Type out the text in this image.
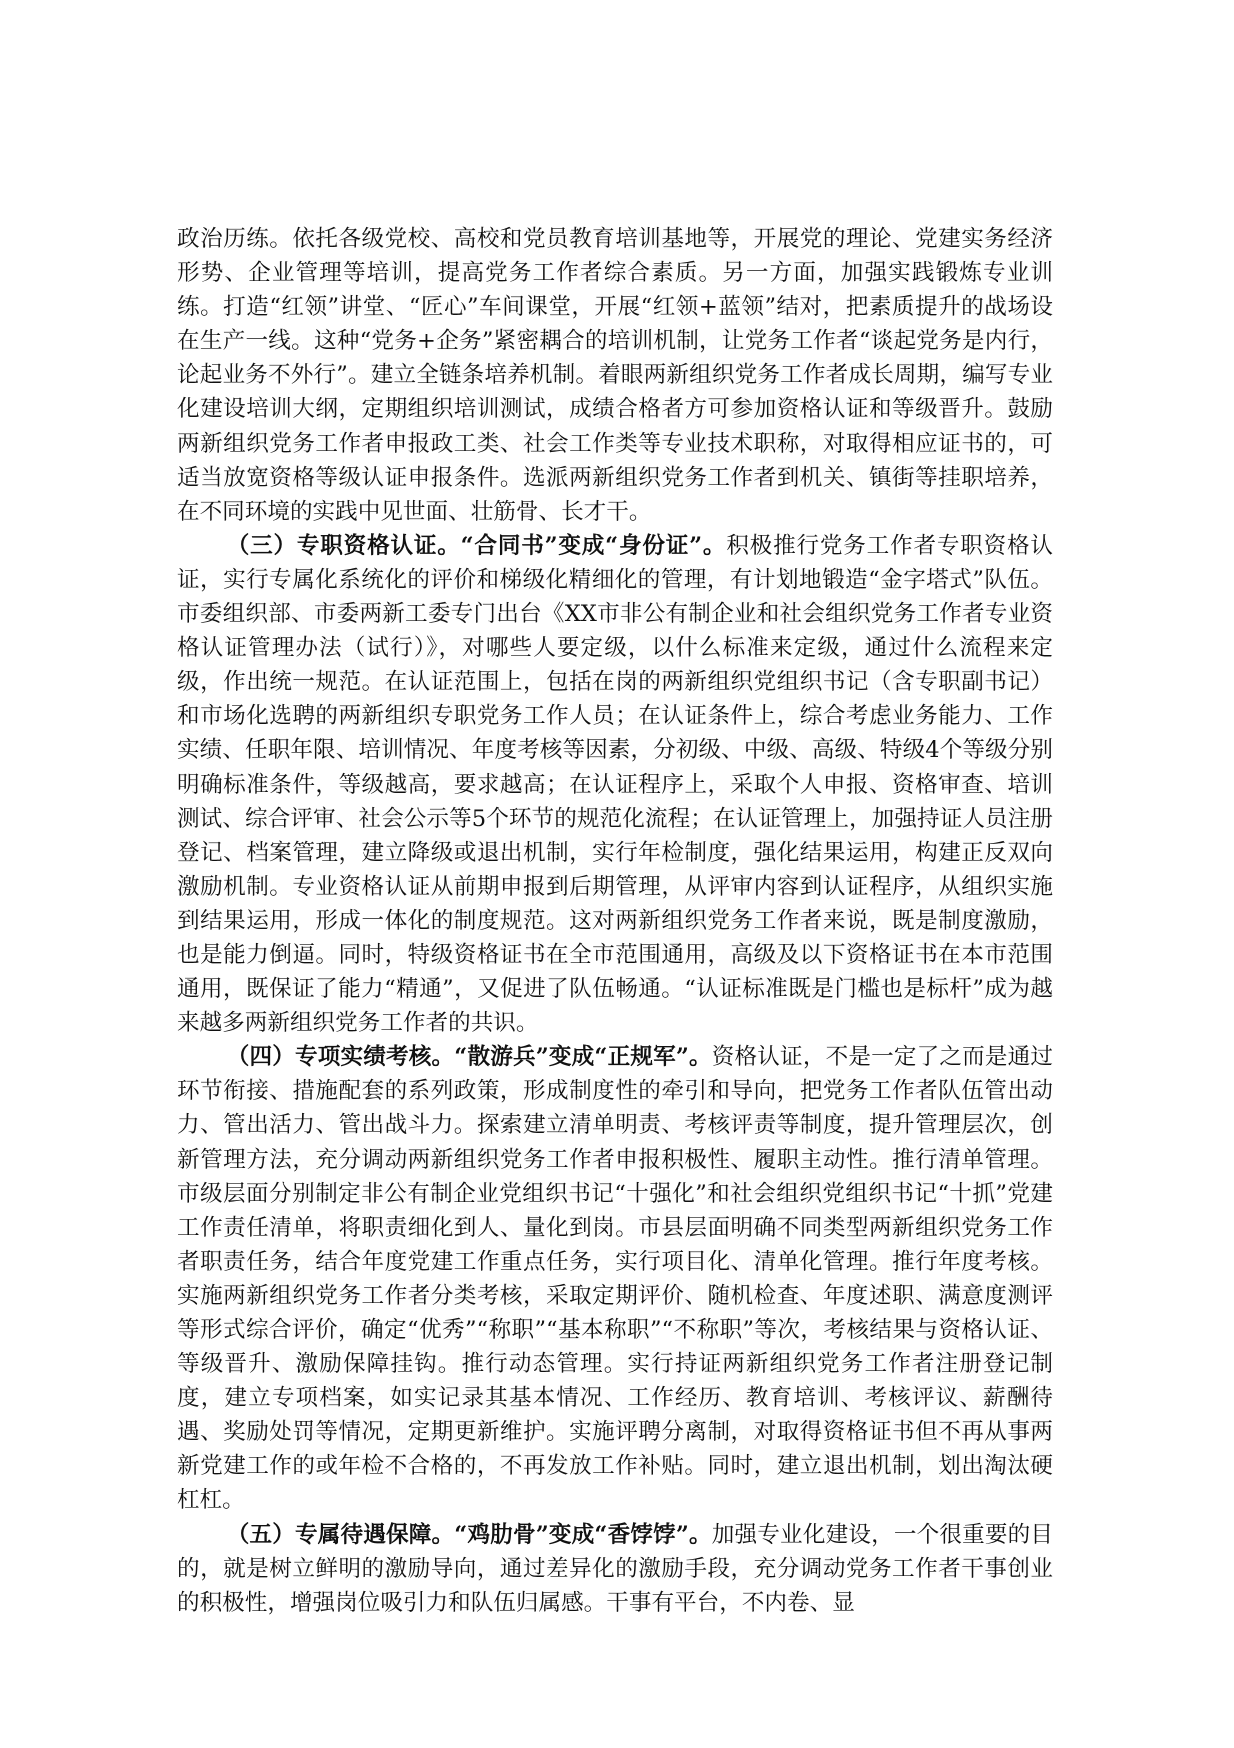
政治历练。依托各级党校、高校和党员教育培训基地等，开展党的理论、党建实务经济形势、企业管理等培训，提高党务工作者综合素质。另一方面，加强实践锻炼专业训练。打造“红领”讲堂、“匠心”车间课堂，开展“红领+蓝领”结对，把素质提升的战场设在生产一线。这种“党务+企务”紧密耦合的培训机制，让党务工作者“谈起党务是内行，论起业务不外行”。建立全链条培养机制。着眼两新组织党务工作者成长周期，编写专业化建设培训大纲，定期组织培训测试，成绩合格者方可参加资格认证和等级晋升。鼓励两新组织党务工作者申报政工类、社会工作类等专业技术职称，对取得相应证书的，可适当放宽资格等级认证申报条件。选派两新组织党务工作者到机关、镇街等挂职培养，在不同环境的实践中见世面、壮筋骨、长才干。

（三）专职资格认证。“合同书”变成“身份证”。积极推行党务工作者专职资格认证，实行专属化系统化的评价和梯级化精细化的管理，有计划地锻造“金字塔式”队伍。市委组织部、市委两新工委专门出台《XX市非公有制企业和社会组织党务工作者专业资格认证管理办法（试行）》，对哪些人要定级，以什么标准来定级，通过什么流程来定级，作出统一规范。在认证范围上，包括在岗的两新组织党组织书记（含专职副书记）和市场化选聘的两新组织专职党务工作人员；在认证条件上，综合考虑业务能力、工作实绩、任职年限、培训情况、年度考核等因素，分初级、中级、高级、特级4个等级分别明确标准条件，等级越高，要求越高；在认证程序上，采取个人申报、资格审查、培训测试、综合评审、社会公示等5个环节的规范化流程；在认证管理上，加强持证人员注册登记、档案管理，建立降级或退出机制，实行年检制度，强化结果运用，构建正反双向激励机制。专业资格认证从前期申报到后期管理，从评审内容到认证程序，从组织实施到结果运用，形成一体化的制度规范。这对两新组织党务工作者来说，既是制度激励，也是能力倒逼。同时，特级资格证书在全市范围通用，高级及以下资格证书在本市范围通用，既保证了能力“精通”，又促进了队伍畅通。“认证标准既是门槛也是标杆”成为越来越多两新组织党务工作者的共识。

（四）专项实绩考核。“散游兵”变成“正规军”。资格认证，不是一定了之而是通过环节衔接、措施配套的系列政策，形成制度性的牵引和导向，把党务工作者队伍管出动力、管出活力、管出战斗力。探索建立清单明责、考核评责等制度，提升管理层次，创新管理方法，充分调动两新组织党务工作者申报积极性、履职主动性。推行清单管理。市级层面分别制定非公有制企业党组织书记“十强化”和社会组织党组织书记“十抓”党建工作责任清单，将职责细化到人、量化到岗。市县层面明确不同类型两新组织党务工作者职责任务，结合年度党建工作重点任务，实行项目化、清单化管理。推行年度考核。实施两新组织党务工作者分类考核，采取定期评价、随机检查、年度述职、满意度测评等形式综合评价，确定“优秀”“称职”“基本称职”“不称职”等次，考核结果与资格认证、等级晋升、激励保障挂钩。推行动态管理。实行持证两新组织党务工作者注册登记制度，建立专项档案，如实记录其基本情况、工作经历、教育培训、考核评议、薪酬待遇、奖励处罚等情况，定期更新维护。实施评聘分离制，对取得资格证书但不再从事两新党建工作的或年检不合格的，不再发放工作补贴。同时，建立退出机制，划出淘汰硬杠杠。

（五）专属待遇保障。“鸡肋骨”变成“香饽饽”。加强专业化建设，一个很重要的目的，就是树立鲜明的激励导向，通过差异化的激励手段，充分调动党务工作者干事创业的积极性，增强岗位吸引力和队伍归属感。干事有平台，不内卷、显
